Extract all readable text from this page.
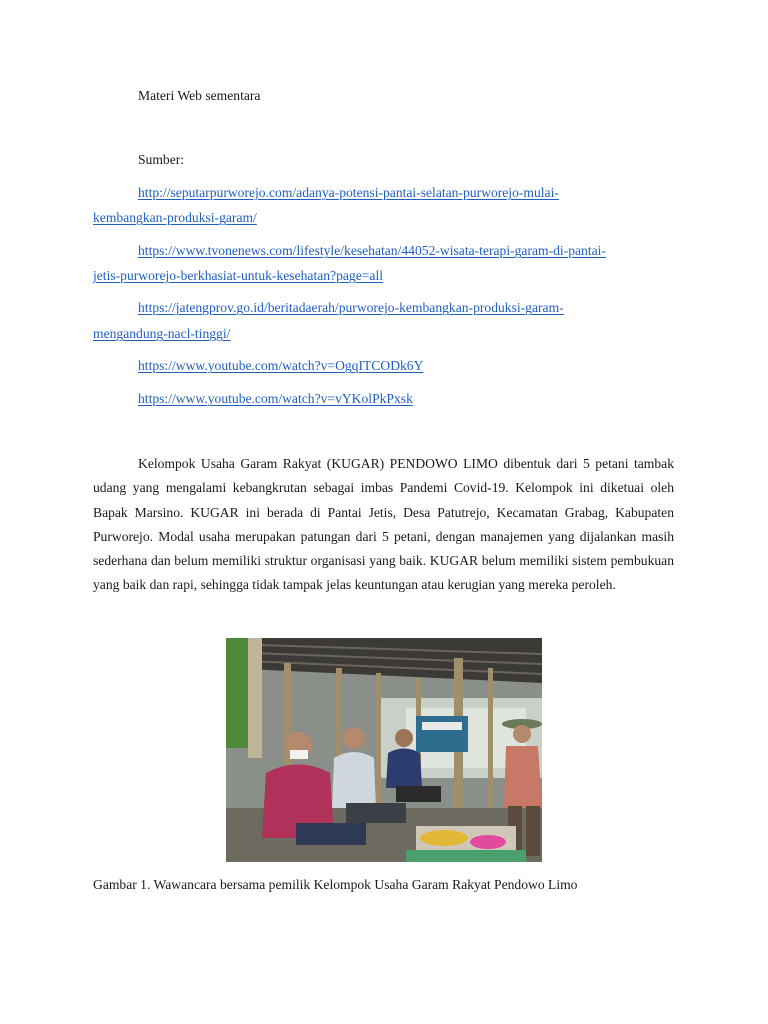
Materi Web sementara
Sumber:
http://seputarpurworejo.com/adanya-potensi-pantai-selatan-purworejo-mulai-
kembangkan-produksi-garam/
https://www.tvonenews.com/lifestyle/kesehatan/44052-wisata-terapi-garam-di-pantai-
jetis-purworejo-berkhasiat-untuk-kesehatan?page=all
https://jatengprov.go.id/beritadaerah/purworejo-kembangkan-produksi-garam-
mengandung-nacl-tinggi/
https://www.youtube.com/watch?v=OgqITCODk6Y
https://www.youtube.com/watch?v=vYKolPkPxsk
Kelompok Usaha Garam Rakyat (KUGAR) PENDOWO LIMO dibentuk dari 5 petani tambak udang yang mengalami kebangkrutan sebagai imbas Pandemi Covid-19. Kelompok ini diketuai oleh Bapak Marsino. KUGAR ini berada di Pantai Jetis, Desa Patutrejo, Kecamatan Grabag, Kabupaten Purworejo. Modal usaha merupakan patungan dari 5 petani, dengan manajemen yang dijalankan masih sederhana dan belum memiliki struktur organisasi yang baik. KUGAR belum memiliki sistem pembukuan yang baik dan rapi, sehingga tidak tampak jelas keuntungan atau kerugian yang mereka peroleh.
Gambar 1. Wawancara bersama pemilik Kelompok Usaha Garam Rakyat Pendowo Limo
